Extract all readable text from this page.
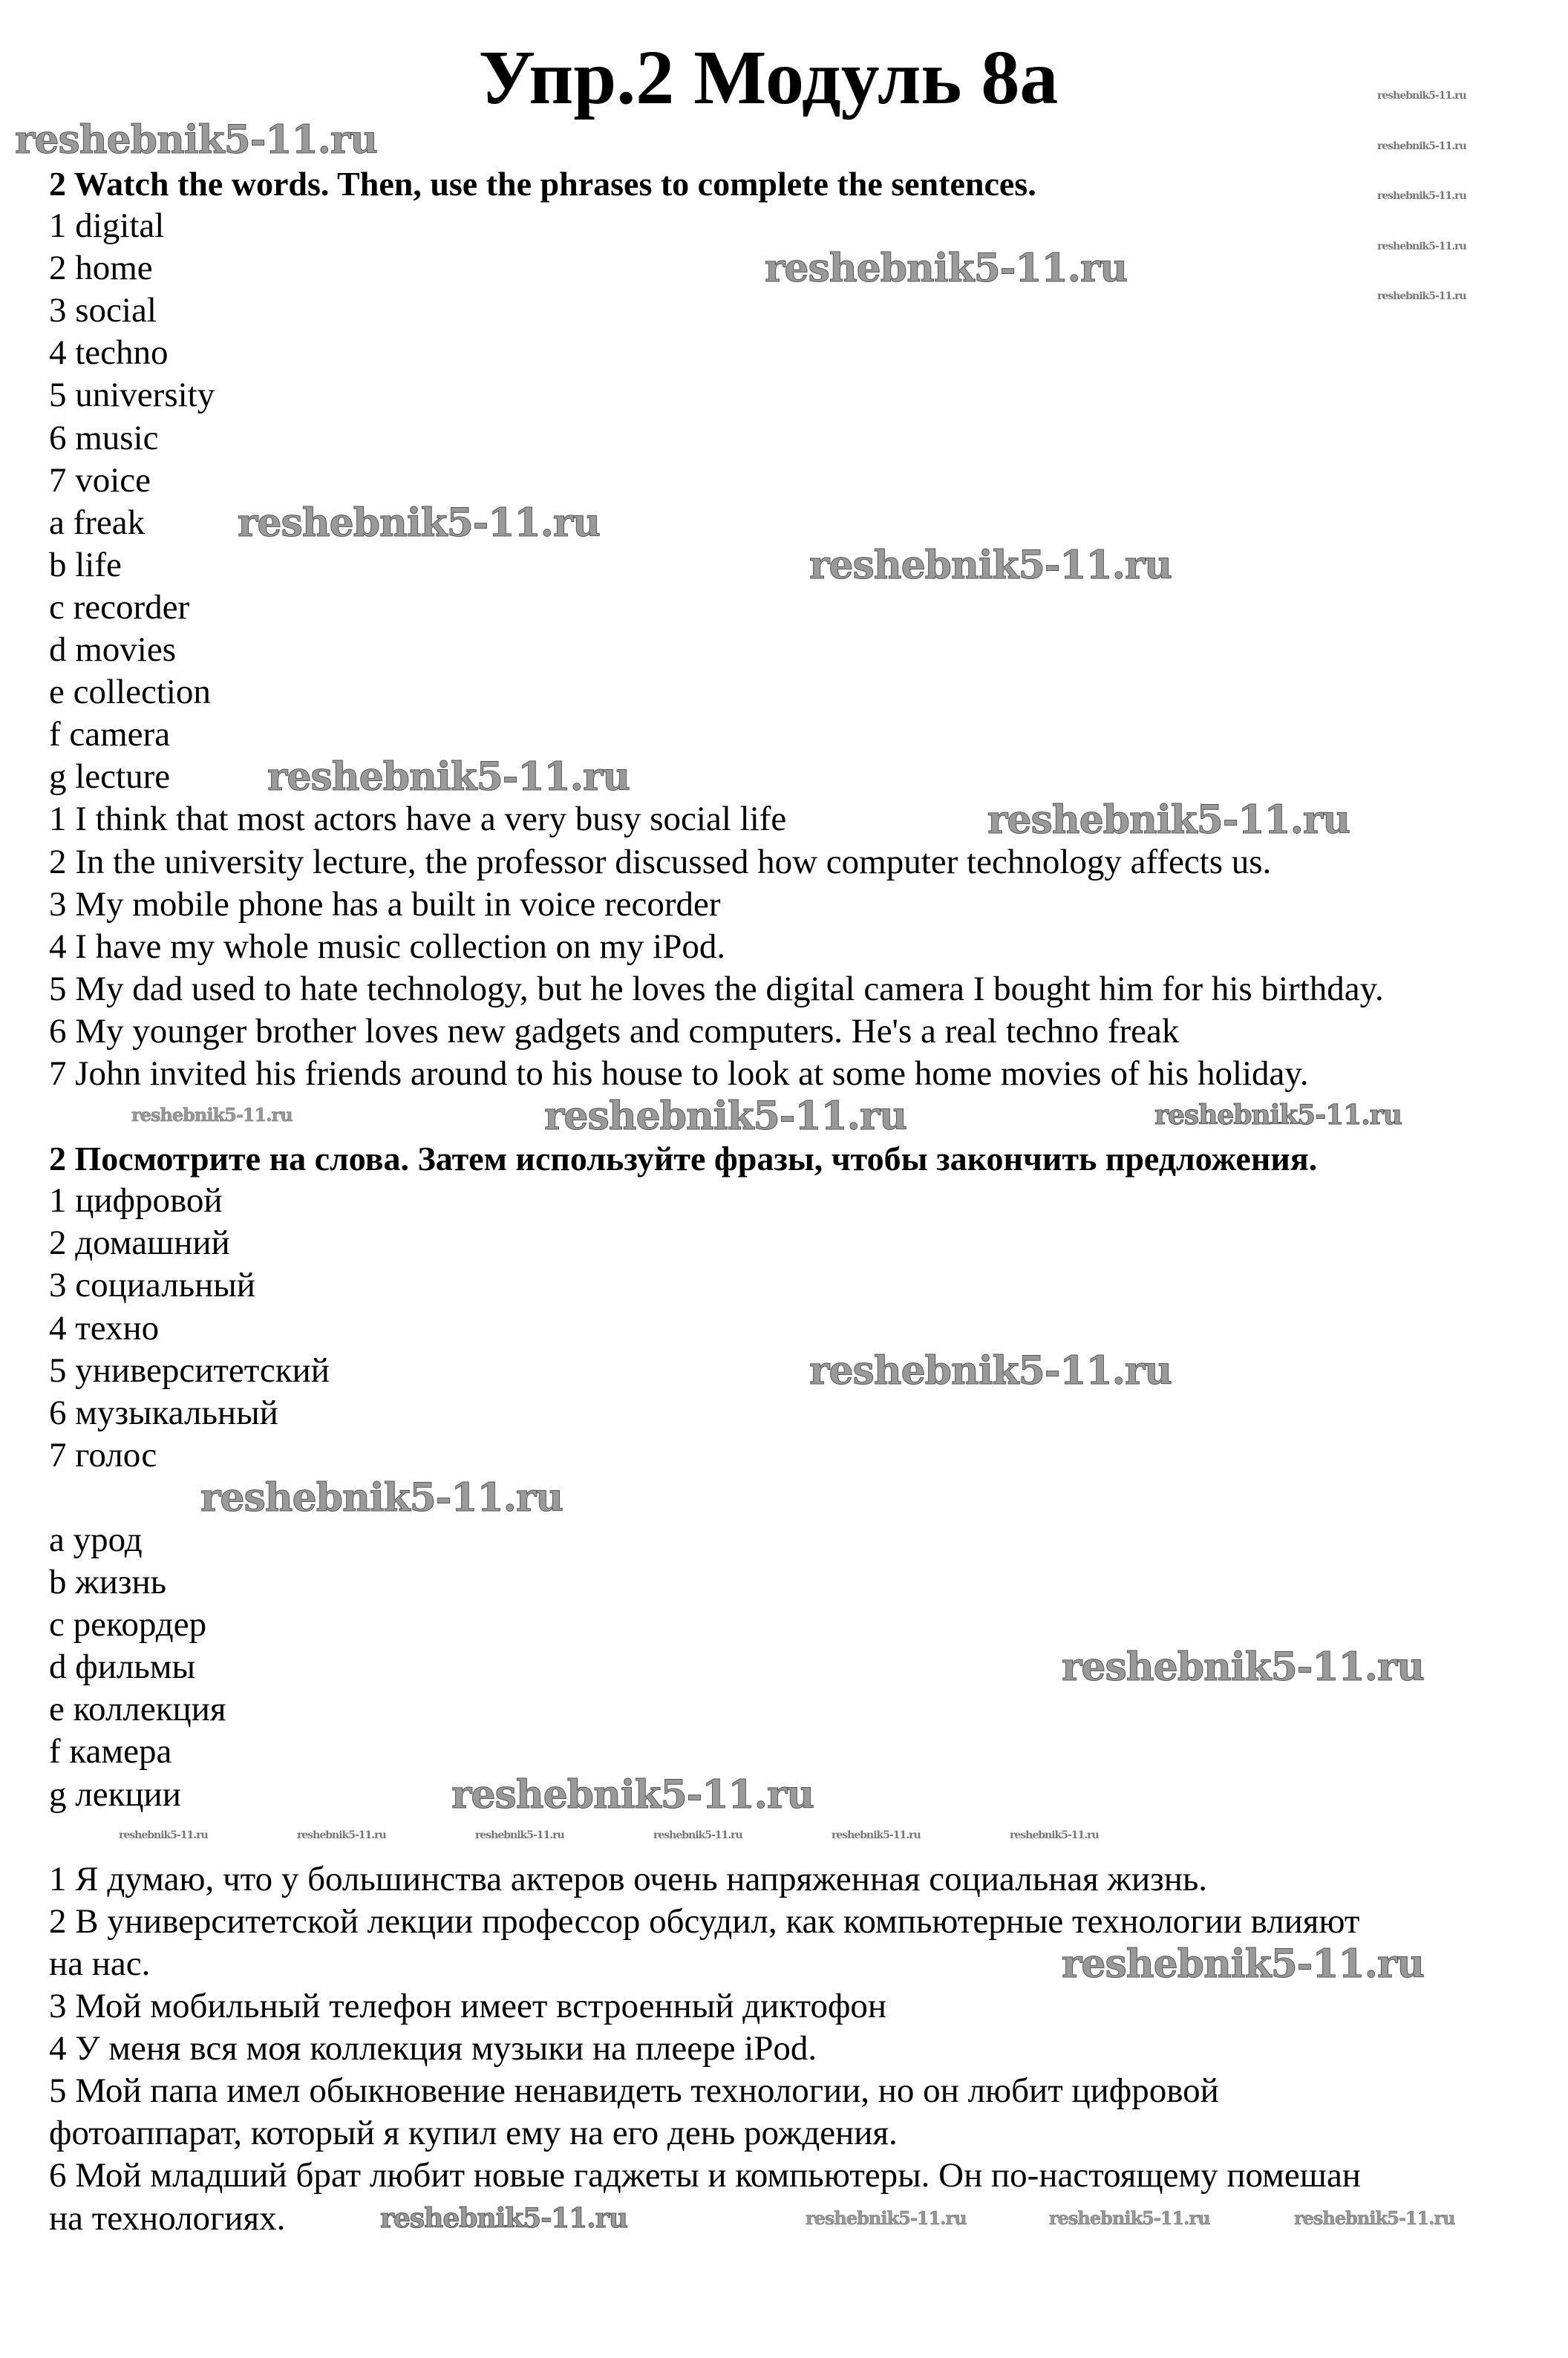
Упр.2 Модуль 8а
2 Watch the words. Then, use the phrases to complete the sentences.
1 digital
2 home
3 social
4 techno
5 university
6 music
7 voice
a freak
b life
c recorder
d movies
e collection
f camera
g lecture
1 I think that most actors have a very busy social life
2 In the university lecture, the professor discussed how computer technology affects us.
3 My mobile phone has a built in voice recorder
4 I have my whole music collection on my iPod.
5 My dad used to hate technology, but he loves the digital camera I bought him for his birthday.
6 My younger brother loves new gadgets and computers. He's a real techno freak
7 John invited his friends around to his house to look at some home movies of his holiday.
2 Посмотрите на слова. Затем используйте фразы, чтобы закончить предложения.
1 цифровой
2 домашний
3 социальный
4 техно
5 университетский
6 музыкальный
7 голос
a урод
b жизнь
c рекордер
d фильмы
e коллекция
f камера
g лекции
1 Я думаю, что у большинства актеров очень напряженная социальная жизнь.
2 В университетской лекции профессор обсудил, как компьютерные технологии влияют
на нас.
3 Мой мобильный телефон имеет встроенный диктофон
4 У меня вся моя коллекция музыки на плеере iPod.
5 Мой папа имел обыкновение ненавидеть технологии, но он любит цифровой
фотоаппарат, который я купил ему на его день рождения.
6 Мой младший брат любит новые гаджеты и компьютеры. Он по-настоящему помешан
на технологиях.
reshebnik5-11.ru
reshebnik5-11.ru
reshebnik5-11.ru
reshebnik5-11.ru
reshebnik5-11.ru
reshebnik5-11.ru
reshebnik5-11.ru	reshebnik5-11.ru
reshebnik5-11.ru
reshebnik5-11.ru
reshebnik5-11.ru
reshebnik5-11.ru
reshebnik5-11.ru
reshebnik5-11.ru
reshebnik5-11.ru	reshebnik5-11.ru	reshebnik5-11.ru	reshebnik5-11.ru
reshebnik5-11.ru
reshebnik5-11.ru
reshebnik5-11.ru
reshebnik5-11.ru
reshebnik5-11.ru
reshebnik5-11.ru	reshebnik5-11.ru	reshebnik5-11.ru	reshebnik5-11.ru	reshebnik5-11.ru	reshebnik5-11.ru
